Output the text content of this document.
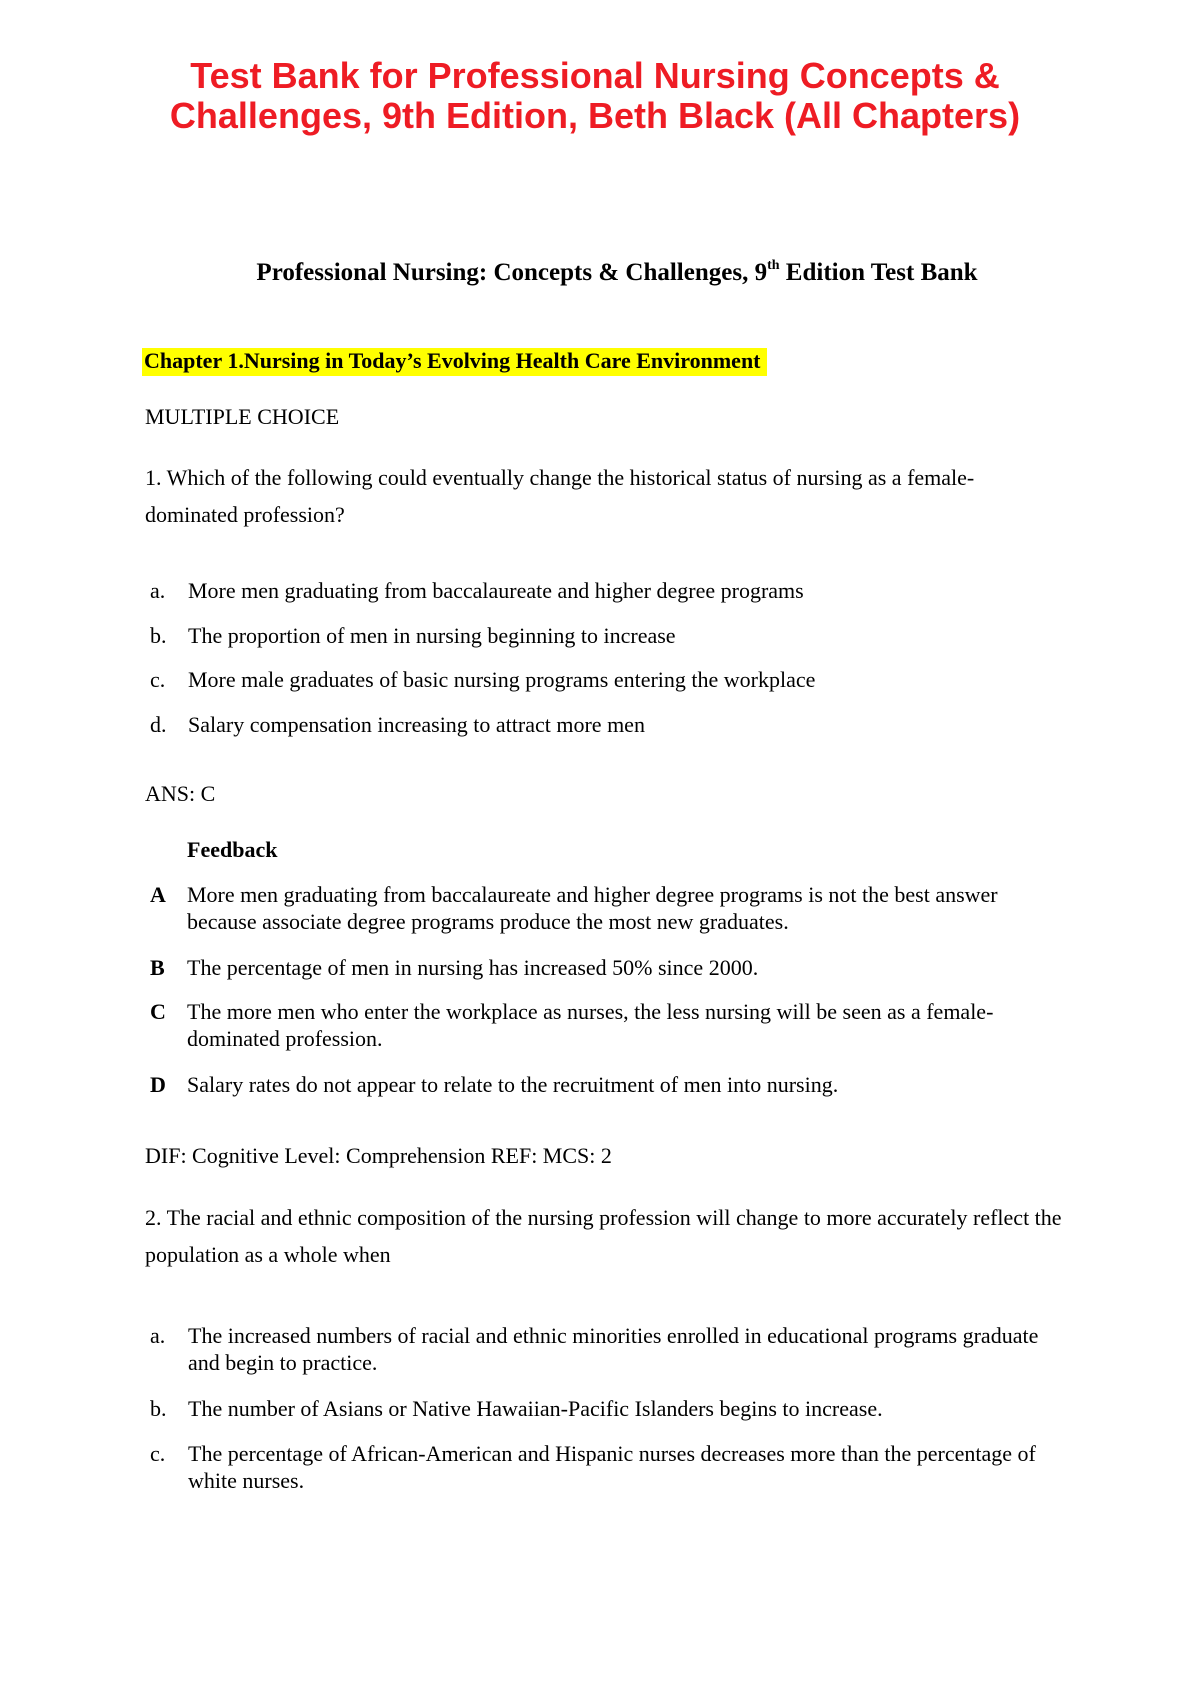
Test Bank for Professional Nursing Concepts &
Challenges, 9th Edition, Beth Black (All Chapters)
Professional Nursing: Concepts & Challenges, 9th Edition Test Bank
Chapter 1.Nursing in Today’s Evolving Health Care Environment
MULTIPLE CHOICE
1. Which of the following could eventually change the historical status of nursing as a female-dominated profession?
a.	More men graduating from baccalaureate and higher degree programs
b. The proportion of men in nursing beginning to increase
c.	More male graduates of basic nursing programs entering the workplace
d. Salary compensation increasing to attract more men
ANS: C
Feedback
A More men graduating from baccalaureate and higher degree programs is not the best answer because associate degree programs produce the most new graduates.
B	The percentage of men in nursing has increased 50% since 2000.
C The more men who enter the workplace as nurses, the less nursing will be seen as a female-dominated profession.
D Salary rates do not appear to relate to the recruitment of men into nursing.
DIF: Cognitive Level: Comprehension REF: MCS: 2
2. The racial and ethnic composition of the nursing profession will change to more accurately reflect the population as a whole when
a.	The increased numbers of racial and ethnic minorities enrolled in educational programs graduate and begin to practice.
b. The number of Asians or Native Hawaiian-Pacific Islanders begins to increase.
c.	The percentage of African-American and Hispanic nurses decreases more than the percentage of white nurses.
